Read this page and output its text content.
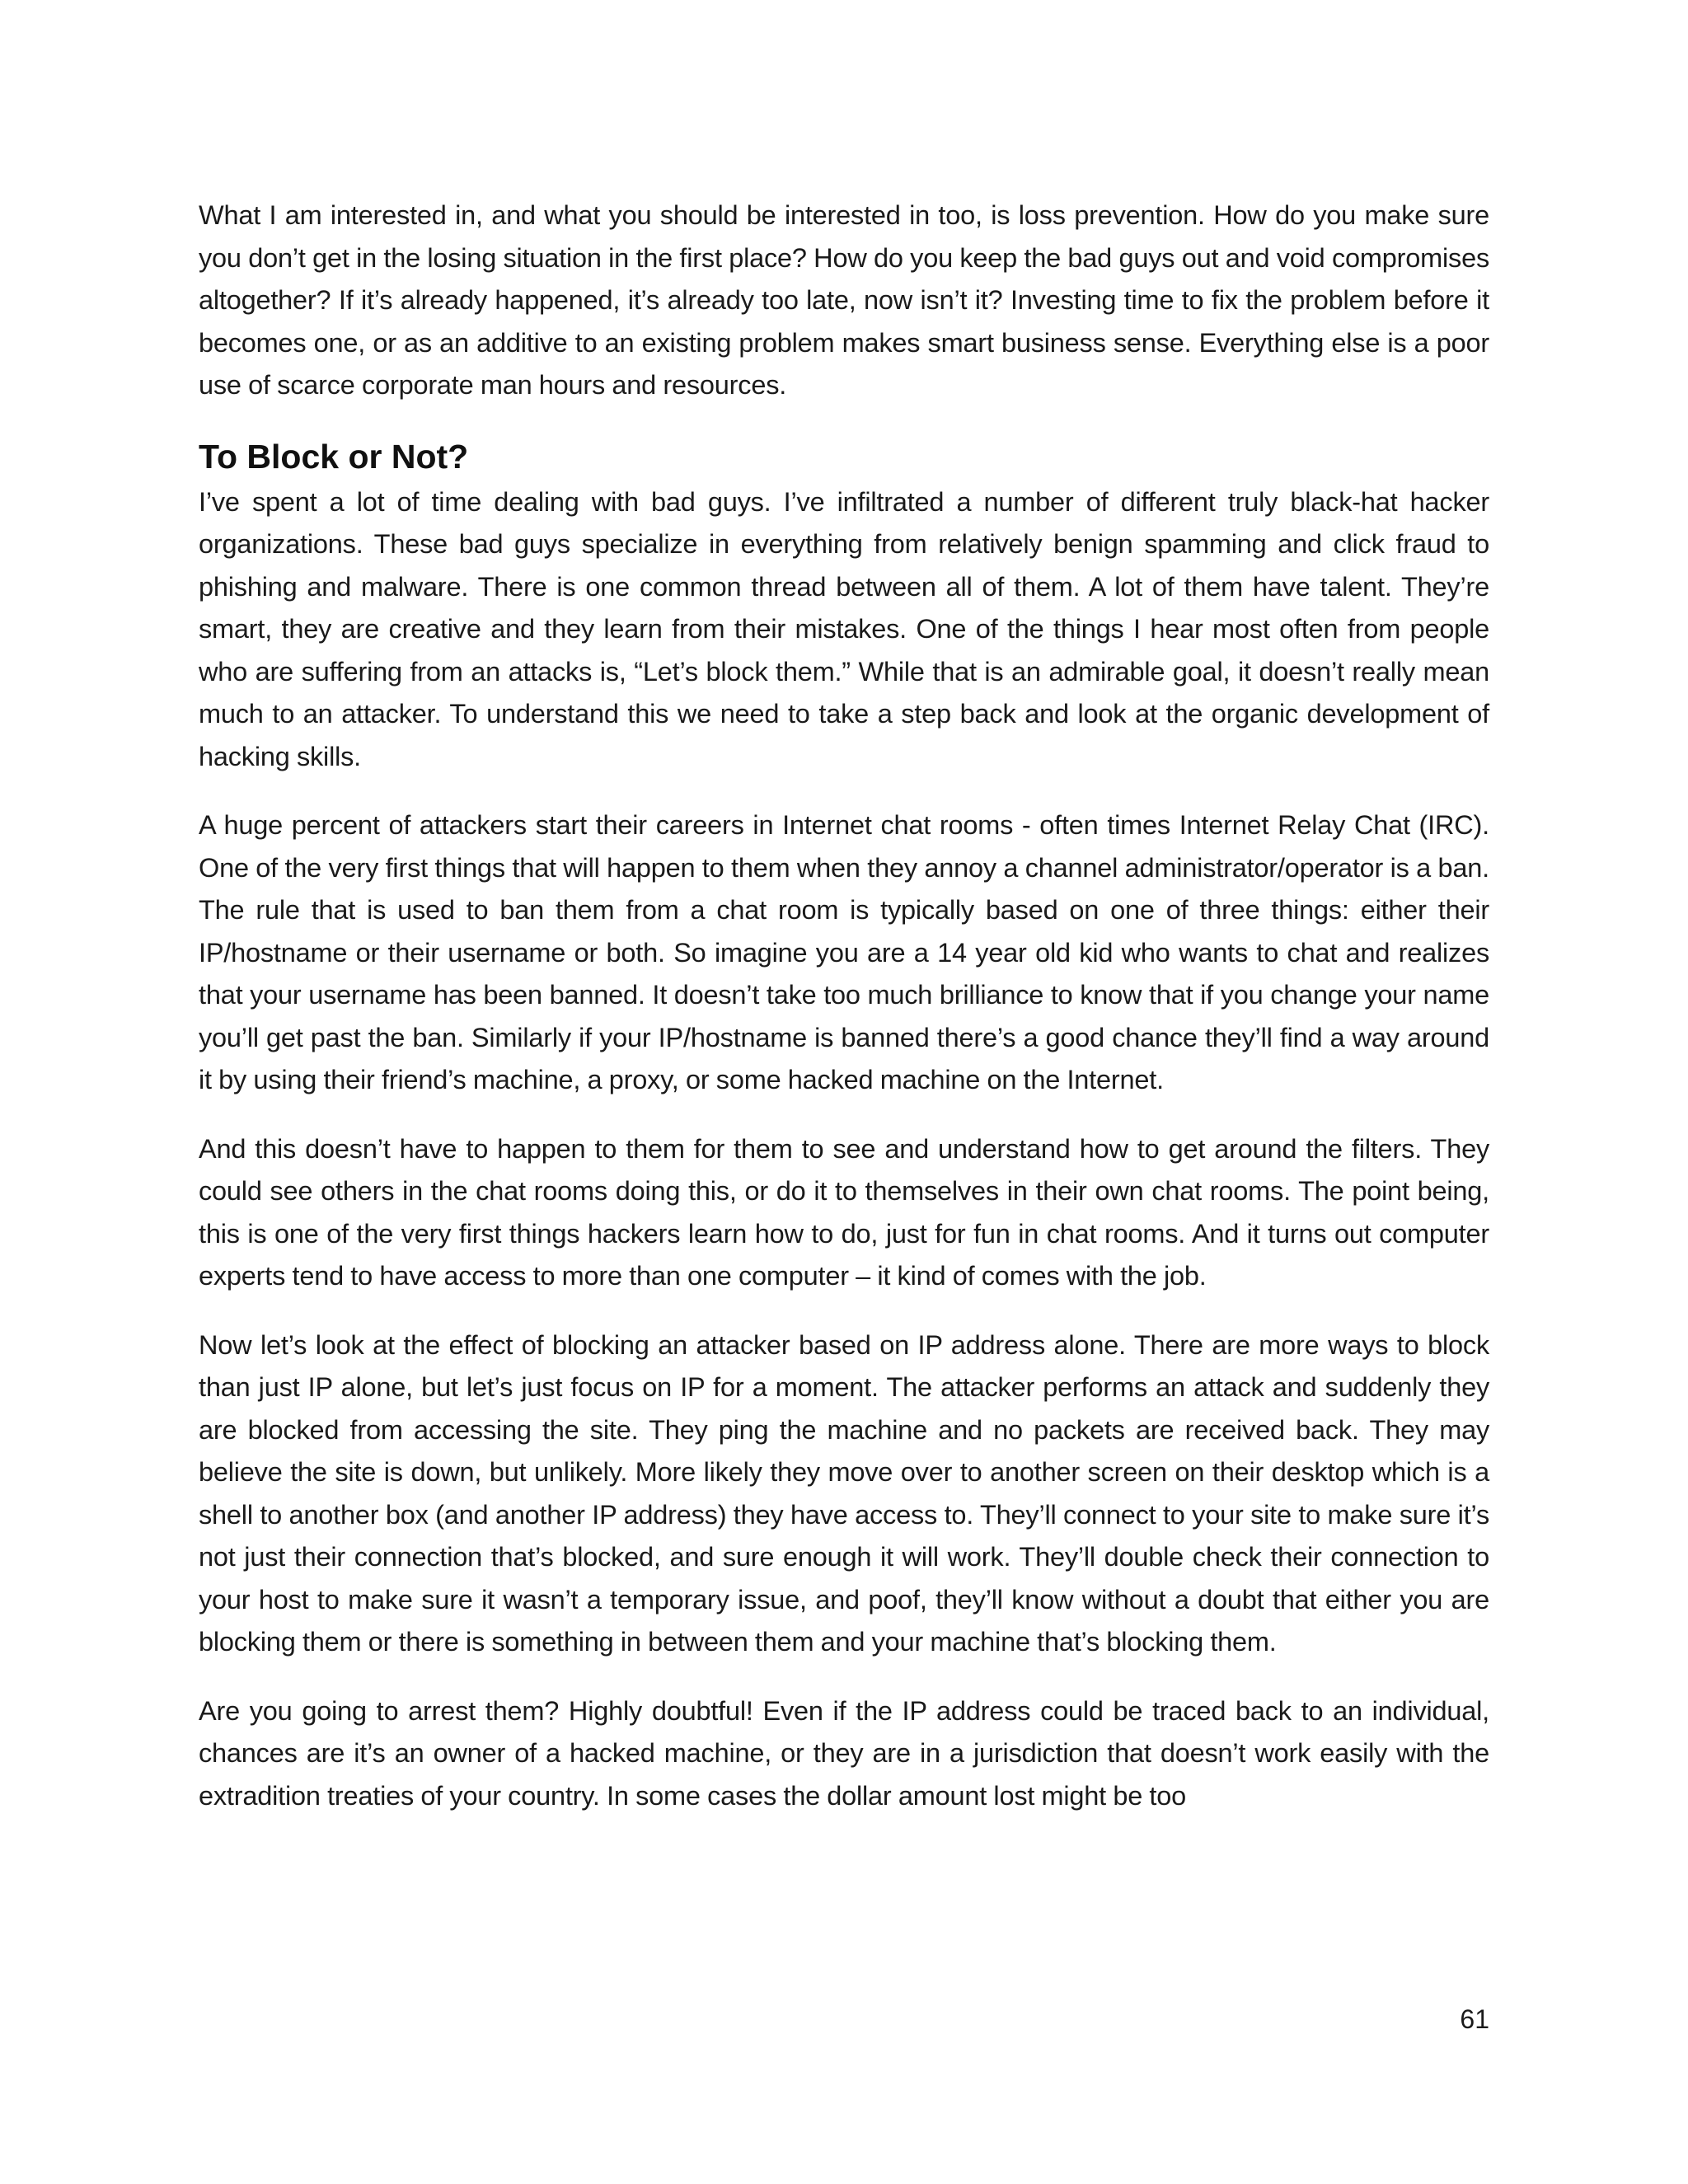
What I am interested in, and what you should be interested in too, is loss prevention. How do you make sure you don’t get in the losing situation in the first place? How do you keep the bad guys out and void compromises altogether? If it’s already happened, it’s already too late, now isn’t it? Investing time to fix the problem before it becomes one, or as an additive to an existing problem makes smart business sense. Everything else is a poor use of scarce corporate man hours and resources.

To Block or Not?

I’ve spent a lot of time dealing with bad guys. I’ve infiltrated a number of different truly black-hat hacker organizations. These bad guys specialize in everything from relatively benign spamming and click fraud to phishing and malware. There is one common thread between all of them. A lot of them have talent. They’re smart, they are creative and they learn from their mistakes. One of the things I hear most often from people who are suffering from an attacks is, “Let’s block them.” While that is an admirable goal, it doesn’t really mean much to an attacker. To understand this we need to take a step back and look at the organic development of hacking skills.

A huge percent of attackers start their careers in Internet chat rooms - often times Internet Relay Chat (IRC). One of the very first things that will happen to them when they annoy a channel administrator/operator is a ban. The rule that is used to ban them from a chat room is typically based on one of three things: either their IP/hostname or their username or both. So imagine you are a 14 year old kid who wants to chat and realizes that your username has been banned. It doesn’t take too much brilliance to know that if you change your name you’ll get past the ban. Similarly if your IP/hostname is banned there’s a good chance they’ll find a way around it by using their friend’s machine, a proxy, or some hacked machine on the Internet.

And this doesn’t have to happen to them for them to see and understand how to get around the filters. They could see others in the chat rooms doing this, or do it to themselves in their own chat rooms. The point being, this is one of the very first things hackers learn how to do, just for fun in chat rooms. And it turns out computer experts tend to have access to more than one computer – it kind of comes with the job.

Now let’s look at the effect of blocking an attacker based on IP address alone. There are more ways to block than just IP alone, but let’s just focus on IP for a moment. The attacker performs an attack and suddenly they are blocked from accessing the site. They ping the machine and no packets are received back. They may believe the site is down, but unlikely. More likely they move over to another screen on their desktop which is a shell to another box (and another IP address) they have access to. They’ll connect to your site to make sure it’s not just their connection that’s blocked, and sure enough it will work. They’ll double check their connection to your host to make sure it wasn’t a temporary issue, and poof, they’ll know without a doubt that either you are blocking them or there is something in between them and your machine that’s blocking them.

Are you going to arrest them? Highly doubtful! Even if the IP address could be traced back to an individual, chances are it’s an owner of a hacked machine, or they are in a jurisdiction that doesn’t work easily with the extradition treaties of your country. In some cases the dollar amount lost might be too

61
